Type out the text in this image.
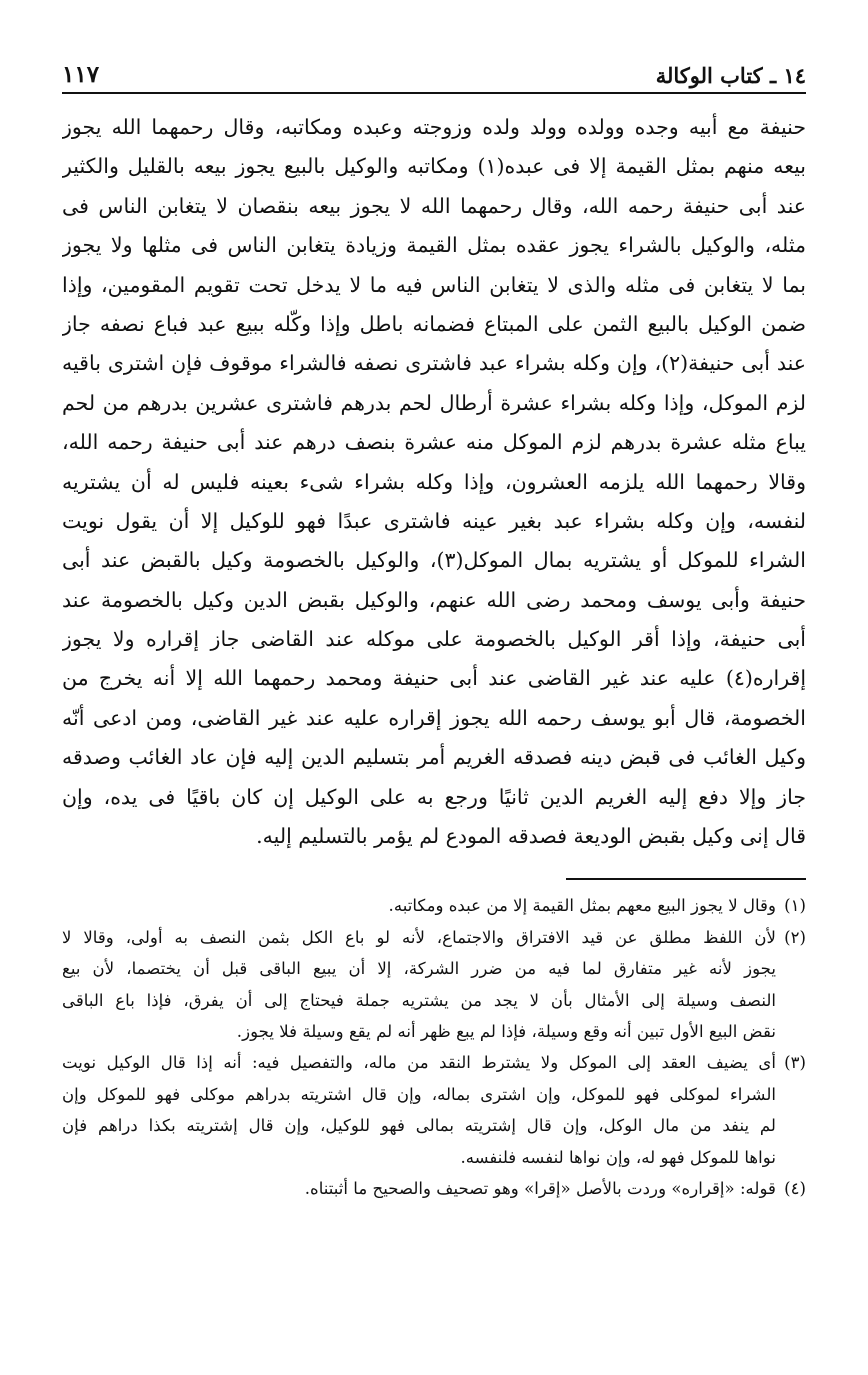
١٤ ـ كتاب الوكالة
١١٧
حنيفة مع أبيه وجده وولده وولد ولده وزوجته وعبده ومكاتبه، وقال رحمهما الله يجوز
بيعه منهم بمثل القيمة إلا فى عبده(١) ومكاتبه والوكيل بالبيع يجوز بيعه بالقليل والكثير
عند أبى حنيفة رحمه الله، وقال رحمهما الله لا يجوز بيعه بنقصان لا يتغابن الناس فى
مثله، والوكيل بالشراء يجوز عقده بمثل القيمة وزيادة يتغابن الناس فى مثلها ولا يجوز
بما لا يتغابن فى مثله والذى لا يتغابن الناس فيه ما لا يدخل تحت تقويم المقومين، وإذا
ضمن الوكيل بالبيع الثمن على المبتاع فضمانه باطل وإذا وكّله ببيع عبد فباع نصفه جاز
عند أبى حنيفة(٢)، وإن وكله بشراء عبد فاشترى نصفه فالشراء موقوف فإن اشترى باقيه
لزم الموكل، وإذا وكله بشراء عشرة أرطال لحم بدرهم فاشترى عشرين بدرهم من لحم
يباع مثله عشرة بدرهم لزم الموكل منه عشرة بنصف درهم عند أبى حنيفة رحمه الله،
وقالا رحمهما الله يلزمه العشرون، وإذا وكله بشراء شىء بعينه فليس له أن يشتريه
لنفسه، وإن وكله بشراء عبد بغير عينه فاشترى عبدًا فهو للوكيل إلا أن يقول نويت
الشراء للموكل أو يشتريه بمال الموكل(٣)، والوكيل بالخصومة وكيل بالقبض عند أبى
حنيفة وأبى يوسف ومحمد رضى الله عنهم، والوكيل بقبض الدين وكيل بالخصومة عند
أبى حنيفة، وإذا أقر الوكيل بالخصومة على موكله عند القاضى جاز إقراره ولا يجوز
إقراره(٤) عليه عند غير القاضى عند أبى حنيفة ومحمد رحمهما الله إلا أنه يخرج من
الخصومة، قال أبو يوسف رحمه الله يجوز إقراره عليه عند غير القاضى، ومن ادعى أنّه
وكيل الغائب فى قبض دينه فصدقه الغريم أمر بتسليم الدين إليه فإن عاد الغائب وصدقه
جاز وإلا دفع إليه الغريم الدين ثانيًا ورجع به على الوكيل إن كان باقيًا فى يده، وإن
قال إنى وكيل بقبض الوديعة فصدقه المودع لم يؤمر بالتسليم إليه.
(١)وقال لا يجوز البيع معهم بمثل القيمة إلا من عبده ومكاتبه.
(٢)لأن اللفظ مطلق عن قيد الافتراق والاجتماع، لأنه لو باع الكل بثمن النصف به أولى، وقالا لا
يجوز لأنه غير متفارق لما فيه من ضرر الشركة، إلا أن يبيع الباقى قبل أن يختصما، لأن بيع
النصف وسيلة إلى الأمثال بأن لا يجد من يشتريه جملة فيحتاج إلى أن يفرق، فإذا باع الباقى
نقض البيع الأول تبين أنه وقع وسيلة، فإذا لم يبع ظهر أنه لم يقع وسيلة فلا يجوز.
(٣)أى يضيف العقد إلى الموكل ولا يشترط النقد من ماله، والتفصيل فيه: أنه إذا قال الوكيل نويت
الشراء لموكلى فهو للموكل، وإن اشترى بماله، وإن قال اشتريته بدراهم موكلى فهو للموكل وإن
لم ينفد من مال الوكل، وإن قال إشتريته بمالى فهو للوكيل، وإن قال إشتريته بكذا دراهم فإن
نواها للموكل فهو له، وإن نواها لنفسه فلنفسه.
(٤)قوله: «إقراره» وردت بالأصل «إقرا» وهو تصحيف والصحيح ما أثبتناه.
